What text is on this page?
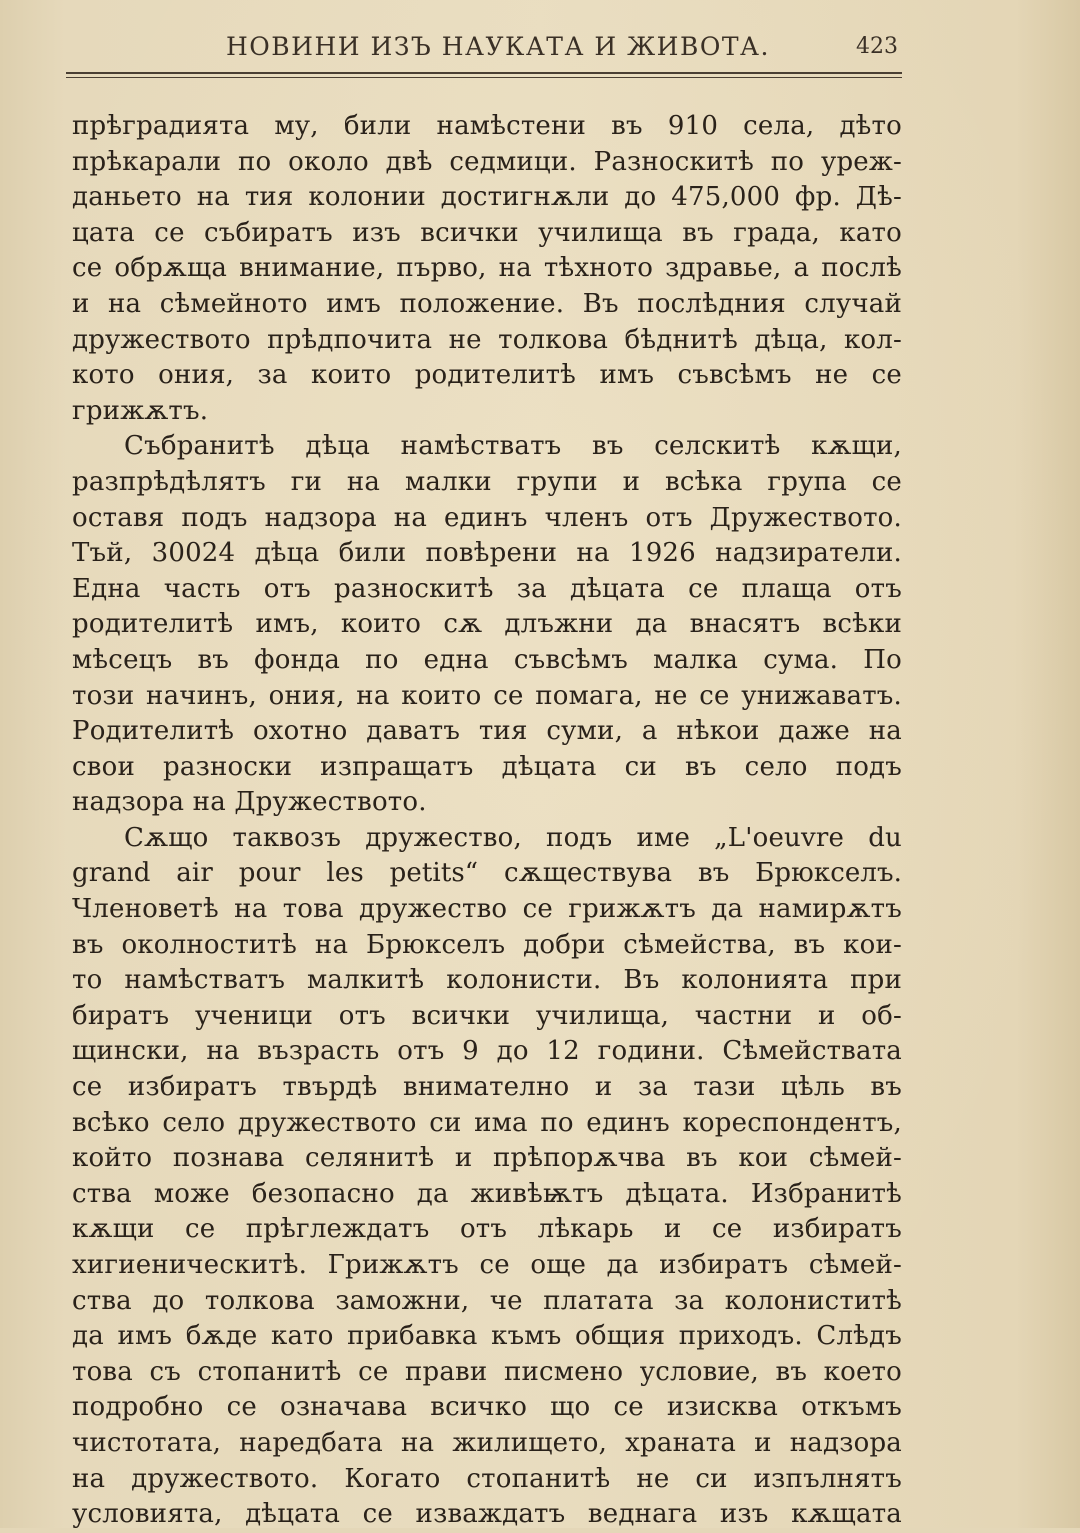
НОВИНИ ИЗЪ НАУКАТА И ЖИВОТА.	423
прѣградията му, били намѣстени въ 910 села, дѣто
прѣкарали по около двѣ седмици. Разноскитѣ по уреж-
даньето на тия колонии достигнѫли до 475,000 фр. Дѣ-
цата се събиратъ изъ всички училища въ града, като
се обрѫща внимание, първо, на тѣхното здравье, а послѣ
и на сѣмейното имъ положение. Въ послѣдния случай
дружеството прѣдпочита не толкова бѣднитѣ дѣца, кол-
кото ония, за които родителитѣ имъ съвсѣмъ не се
грижѫтъ.
Събранитѣ дѣца намѣстватъ въ селскитѣ кѫщи,
разпрѣдѣлятъ ги на малки групи и всѣка група се
оставя подъ надзора на единъ членъ отъ Дружеството.
Тъй, 30024 дѣца били повѣрени на 1926 надзиратели.
Една часть отъ разноскитѣ за дѣцата се плаща отъ
родителитѣ имъ, които сѫ длъжни да внасятъ всѣки
мѣсецъ въ фонда по една съвсѣмъ малка сума. По
този начинъ, ония, на които се помага, не се унижаватъ.
Родителитѣ охотно даватъ тия суми, а нѣкои даже на
свои разноски изпращатъ дѣцата си въ село подъ
надзора на Дружеството.
Сѫщо таквозъ дружество, подъ име „L'oeuvre du
grand air pour les petits“ сѫществува въ Брюкселъ.
Членоветѣ на това дружество се грижѫтъ да намирѫтъ
въ околноститѣ на Брюкселъ добри сѣмейства, въ кои-
то намѣстватъ малкитѣ колонисти. Въ колонията при
биратъ ученици отъ всички училища, частни и об-
щински, на възрасть отъ 9 до 12 години. Сѣмействата
се избиратъ твърдѣ внимателно и за тази цѣль въ
всѣко село дружеството си има по единъ кореспондентъ,
който познава селянитѣ и прѣпорѫчва въ кои сѣмей-
ства може безопасно да живѣѭтъ дѣцата. Избранитѣ
кѫщи се прѣглеждатъ отъ лѣкарь и се избиратъ
хигиеническитѣ. Грижѫтъ се още да избиратъ сѣмей-
ства до толкова заможни, че платата за колониститѣ
да имъ бѫде като прибавка къмъ общия приходъ. Слѣдъ
това съ стопанитѣ се прави писмено условие, въ което
подробно се означава всичко що се изисква откъмъ
чистотата, наредбата на жилището, храната и надзора
на дружеството. Когато стопанитѣ не си изпълнятъ
условията, дѣцата се изваждатъ веднага изъ кѫщата
